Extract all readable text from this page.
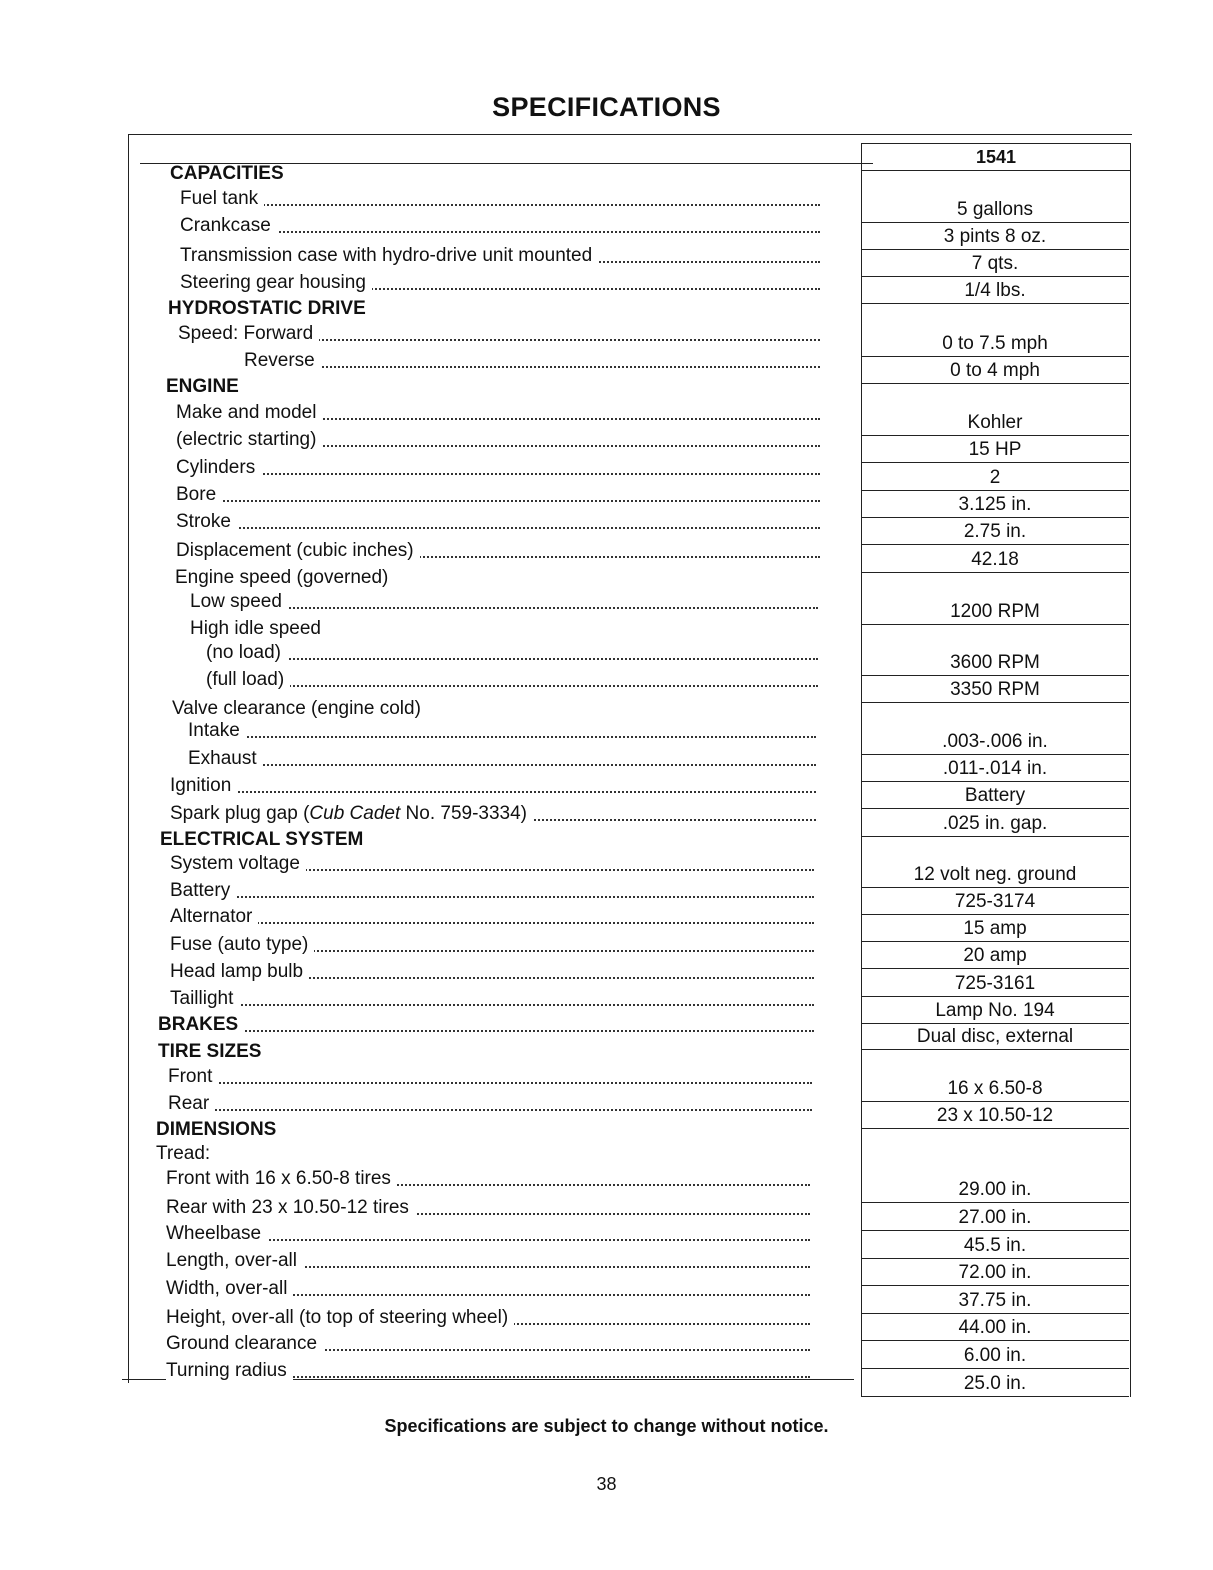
SPECIFICATIONS
1541
CAPACITIES
Fuel tank
Crankcase
Transmission case with hydro-drive unit mounted
Steering gear housing
HYDROSTATIC DRIVE
Speed: Forward
Reverse
ENGINE
Make and model
(electric starting)
Cylinders
Bore
Stroke
Displacement (cubic inches)
Engine speed (governed)
Low speed
High idle speed
(no load)
(full load)
Valve clearance (engine cold)
Intake
Exhaust
Ignition
Spark plug gap (Cub Cadet No. 759-3334)
ELECTRICAL SYSTEM
System voltage
Battery
Alternator
Fuse (auto type)
Head lamp bulb
Taillight
BRAKES
TIRE SIZES
Front
Rear
DIMENSIONS
Tread:
Front with 16 x 6.50-8 tires
Rear with 23 x 10.50-12 tires
Wheelbase
Length, over-all
Width, over-all
Height, over-all (to top of steering wheel)
Ground clearance
Turning radius
5 gallons
3 pints 8 oz.
7 qts.
1/4 lbs.
0 to 7.5 mph
0 to 4 mph
Kohler
15 HP
2
3.125 in.
2.75 in.
42.18
1200 RPM
3600 RPM
3350 RPM
.003-.006 in.
.011-.014 in.
Battery
.025 in. gap.
12 volt neg. ground
725-3174
15 amp
20 amp
725-3161
Lamp No. 194
Dual disc, external
16 x 6.50-8
23 x 10.50-12
29.00 in.
27.00 in.
45.5 in.
72.00 in.
37.75 in.
44.00 in.
6.00 in.
25.0 in.
Specifications are subject to change without notice.
38
